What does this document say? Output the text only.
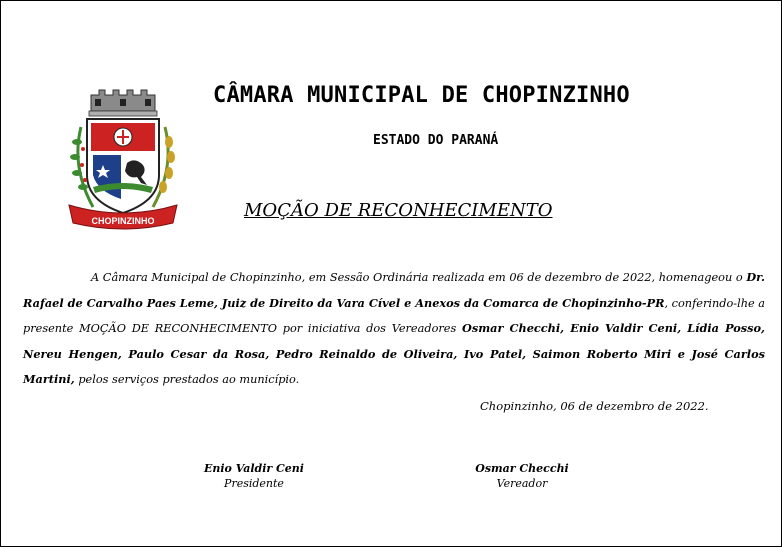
CHOPINZINHO
CÂMARA MUNICIPAL DE CHOPINZINHO
ESTADO DO PARANÁ
MOÇÃO DE RECONHECIMENTO
A Câmara Municipal de Chopinzinho, em Sessão Ordinária realizada em 06 de dezembro de 2022, homenageou o Dr. Rafael de Carvalho Paes Leme, Juiz de Direito da Vara Cível e Anexos da Comarca de Chopinzinho-PR, conferindo-lhe a presente MOÇÃO DE RECONHECIMENTO por iniciativa dos Vereadores Osmar Checchi, Enio Valdir Ceni, Lídia Posso, Nereu Hengen, Paulo Cesar da Rosa, Pedro Reinaldo de Oliveira, Ivo Patel, Saimon Roberto Miri e José Carlos Martini, pelos serviços prestados ao município.
Chopinzinho, 06 de dezembro de 2022.
Enio Valdir Ceni
Presidente
Osmar Checchi
Vereador
